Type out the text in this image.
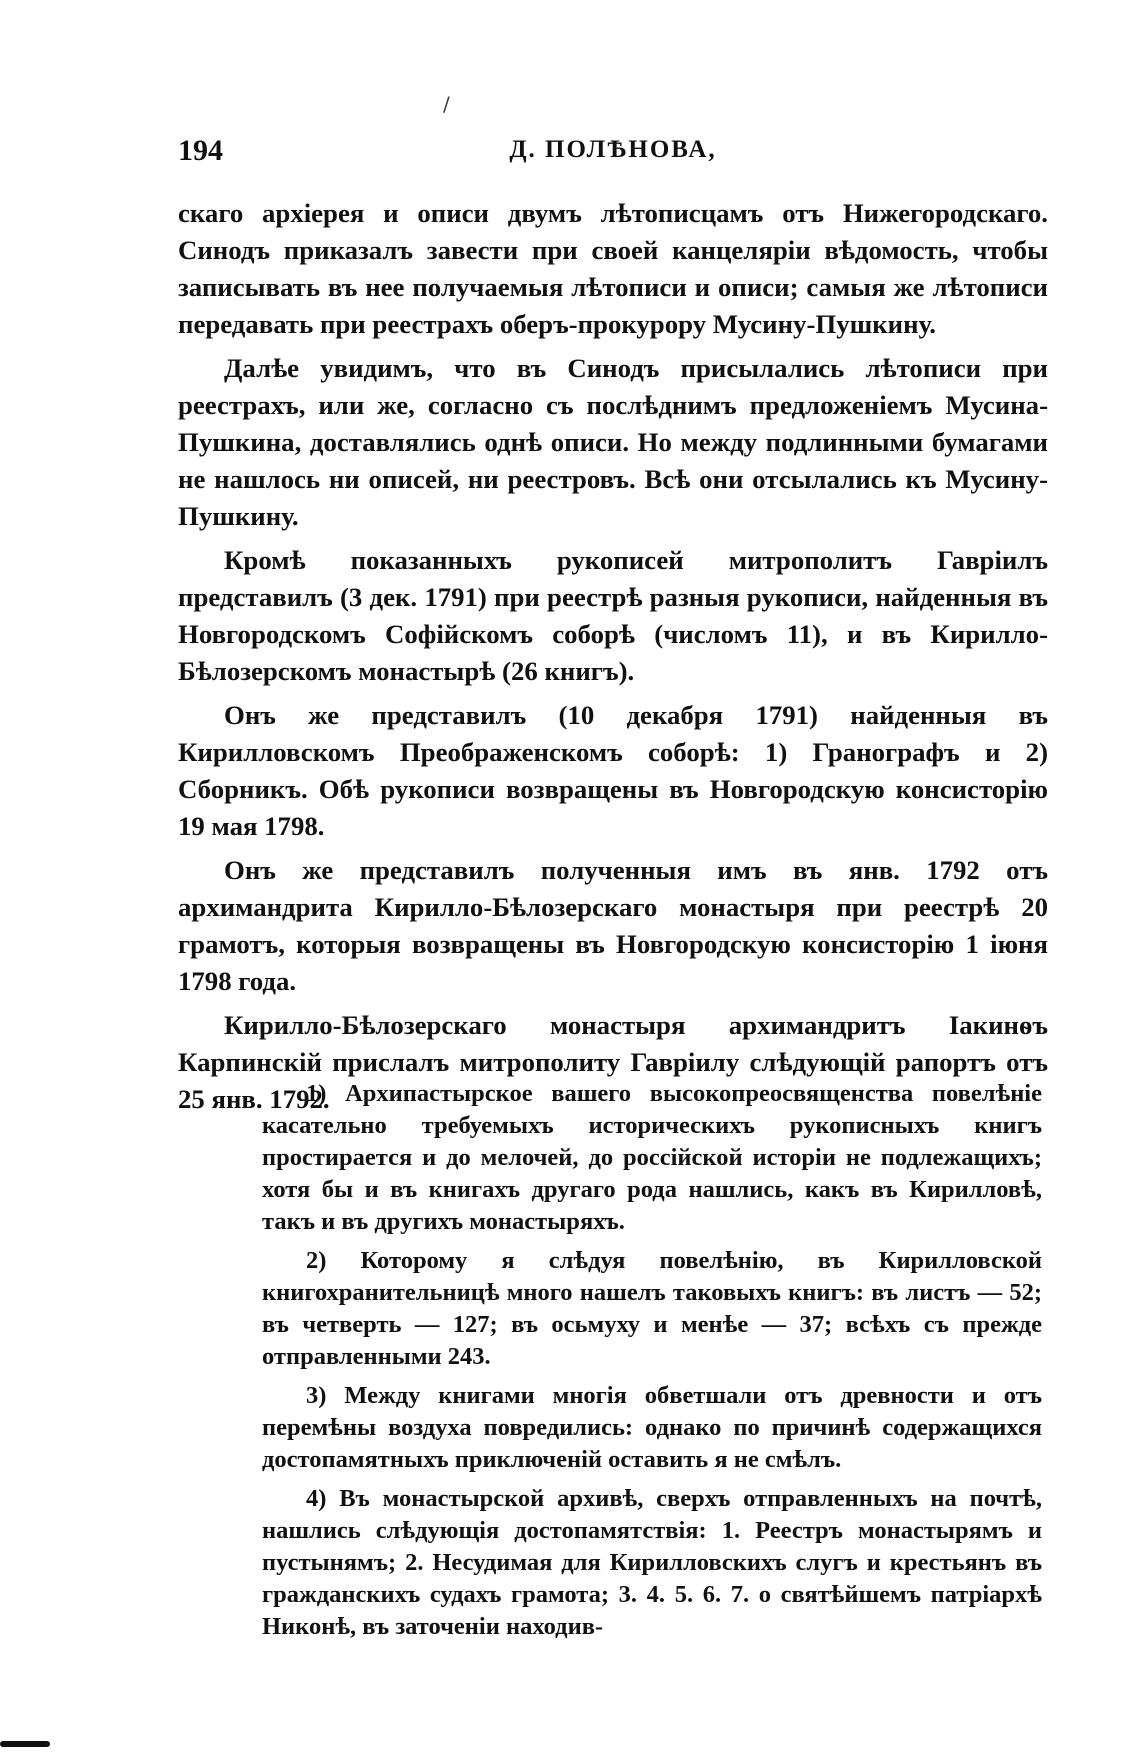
/
194	Д. ПОЛѢНОВА,

скаго архіерея и описи двумъ лѣтописцамъ отъ Нижегородскаго. Синодъ приказалъ завести при своей канцеляріи вѣдомость, чтобы записывать въ нее получаемыя лѣтописи и описи; самыя же лѣтописи передавать при реестрахъ оберъ-прокурору Мусину-Пушкину.

Далѣе увидимъ, что въ Синодъ присылались лѣтописи при реестрахъ, или же, согласно съ послѣднимъ предложеніемъ Мусина-Пушкина, доставлялись однѣ описи. Но между подлинными бумагами не нашлось ни описей, ни реестровъ. Всѣ они отсылались къ Мусину-Пушкину.

Кромѣ показанныхъ рукописей митрополитъ Гавріилъ представилъ (3 дек. 1791) при реестрѣ разныя рукописи, найденныя въ Новгородскомъ Софійскомъ соборѣ (числомъ 11), и въ Кирилло-Бѣлозерскомъ монастырѣ (26 книгъ).

Онъ же представилъ (10 декабря 1791) найденныя въ Кирилловскомъ Преображенскомъ соборѣ: 1) Гранографъ и 2) Сборникъ. Обѣ рукописи возвращены въ Новгородскую консисторію 19 мая 1798.

Онъ же представилъ полученныя имъ въ янв. 1792 отъ архимандрита Кирилло-Бѣлозерскаго монастыря при реестрѣ 20 грамотъ, которыя возвращены въ Новгородскую консисторію 1 іюня 1798 года.

Кирилло-Бѣлозерскаго монастыря архимандритъ Іакинѳъ Карпинскій прислалъ митрополиту Гавріилу слѣдующій рапортъ отъ 25 янв. 1792.

1) Архипастырское вашего высокопреосвященства повелѣніе касательно требуемыхъ историческихъ рукописныхъ книгъ простирается и до мелочей, до россійской исторіи не подлежащихъ; хотя бы и въ книгахъ другаго рода нашлись, какъ въ Кирилловѣ, такъ и въ другихъ монастыряхъ.

2) Которому я слѣдуя повелѣнію, въ Кирилловской книгохранительницѣ много нашелъ таковыхъ книгъ: въ листъ — 52; въ четверть — 127; въ осьмуху и менѣе — 37; всѣхъ съ прежде отправленными 243.

3) Между книгами многія обветшали отъ древности и отъ перемѣны воздуха повредились: однако по причинѣ содержащихся достопамятныхъ приключеній оставить я не смѣлъ.

4) Въ монастырской архивѣ, сверхъ отправленныхъ на почтѣ, нашлись слѣдующія достопамятствія: 1. Реестръ монастырямъ и пустынямъ; 2. Несудимая для Кирилловскихъ слугъ и крестьянъ въ гражданскихъ судахъ грамота; 3. 4. 5. 6. 7. о святѣйшемъ патріархѣ Никонѣ, въ заточеніи находив-
